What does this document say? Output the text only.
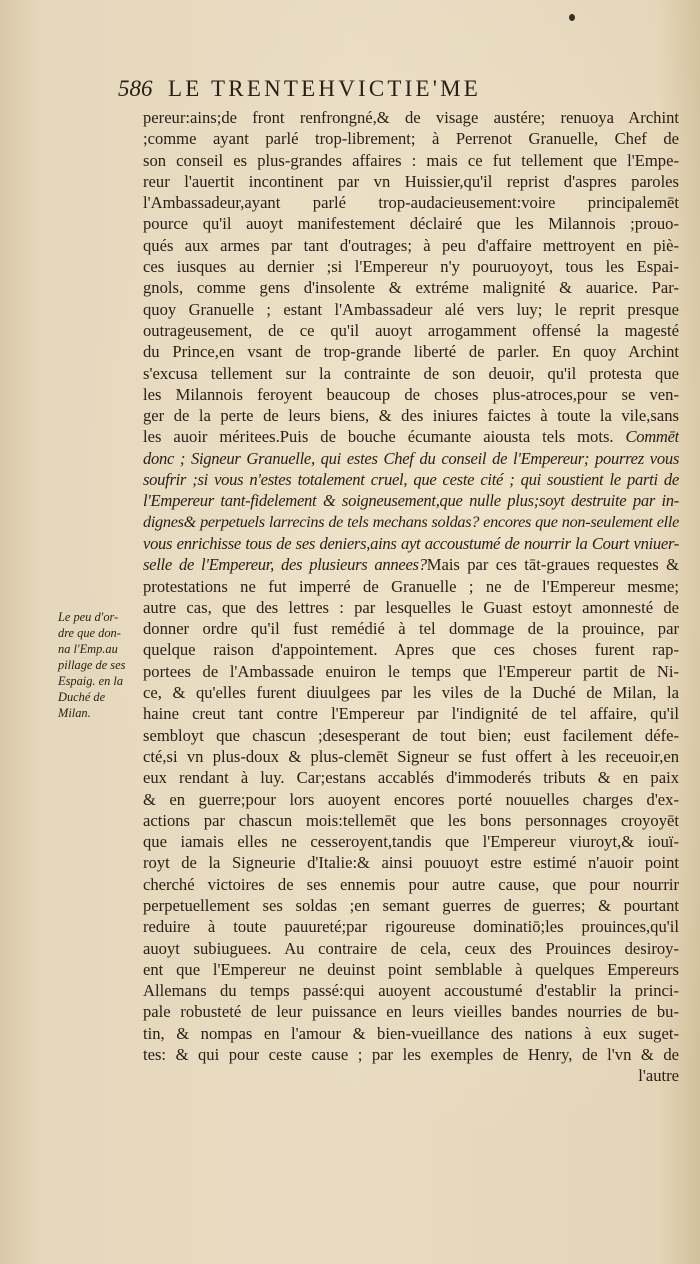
586 LE TRENTEHVICTIE'ME
Le peu d'or-
dre que don-
na l'Emp.au
pillage de ses
Espaig. en la
Duché de
Milan.
pereur:ains;de front renfrongné,& de visage austére; renuoya Archint
;comme ayant parlé trop-librement; à Perrenot Granuelle, Chef de
son conseil es plus-grandes affaires : mais ce fut tellement que l'Empe-
reur l'auertit incontinent par vn Huissier,qu'il reprist d'aspres paroles
l'Ambassadeur,ayant parlé trop-audacieusement:voire principalemēt
pource qu'il auoyt manifestement déclairé que les Milannois ;prouo-
qués aux armes par tant d'outrages; à peu d'affaire mettroyent en piè-
ces iusques au dernier ;si l'Empereur n'y pouruoyoyt, tous les Espai-
gnols, comme gens d'insolente & extréme malignité & auarice. Par-
quoy Granuelle ; estant l'Ambassadeur alé vers luy; le reprit presque
outrageusement, de ce qu'il auoyt arrogamment offensé la magesté
du Prince,en vsant de trop-grande liberté de parler. En quoy Archint
s'excusa tellement sur la contrainte de son deuoir, qu'il protesta que
les Milannois feroyent beaucoup de choses plus-atroces,pour se ven-
ger de la perte de leurs biens, & des iniures faictes à toute la vile,sans
les auoir méritees.Puis de bouche écumante aiousta tels mots. Commēt
donc ; Signeur Granuelle, qui estes Chef du conseil de l'Empereur; pourrez vous
soufrir ;si vous n'estes totalement cruel, que ceste cité ; qui soustient le parti de
l'Empereur tant-fidelement & soigneusement,que nulle plus;soyt destruite par in-
dignes& perpetuels larrecins de tels mechans soldas? encores que non-seulement elle
vous enrichisse tous de ses deniers,ains ayt accoustumé de nourrir la Court vniuer-
selle de l'Empereur, des plusieurs annees?Mais par ces tāt-graues requestes &
protestations ne fut imperré de Granuelle ; ne de l'Empereur mesme;
autre cas, que des lettres : par lesquelles le Guast estoyt amonnesté de
donner ordre qu'il fust remédié à tel dommage de la prouince, par
quelque raison d'appointement. Apres que ces choses furent rap-
portees de l'Ambassade enuiron le temps que l'Empereur partit de Ni-
ce, & qu'elles furent diuulgees par les viles de la Duché de Milan, la
haine creut tant contre l'Empereur par l'indignité de tel affaire, qu'il
sembloyt que chascun ;desesperant de tout bien; eust facilement défe-
cté,si vn plus-doux & plus-clemēt Signeur se fust offert à les receuoir,en
eux rendant à luy. Car;estans accablés d'immoderés tributs & en paix
& en guerre;pour lors auoyent encores porté nouuelles charges d'ex-
actions par chascun mois:tellemēt que les bons personnages croyoyēt
que iamais elles ne cesseroyent,tandis que l'Empereur viuroyt,& iouï-
royt de la Signeurie d'Italie:& ainsi pouuoyt estre estimé n'auoir point
cherché victoires de ses ennemis pour autre cause, que pour nourrir
perpetuellement ses soldas ;en semant guerres de guerres; & pourtant
reduire à toute pauureté;par rigoureuse dominatiō;les prouinces,qu'il
auoyt subiuguees. Au contraire de cela, ceux des Prouinces desiroy-
ent que l'Empereur ne deuinst point semblable à quelques Empereurs
Allemans du temps passé:qui auoyent accoustumé d'establir la princi-
pale robusteté de leur puissance en leurs vieilles bandes nourries de bu-
tin, & nompas en l'amour & bien-vueillance des nations à eux suget-
tes: & qui pour ceste cause ; par les exemples de Henry, de l'vn & de
l'autre
